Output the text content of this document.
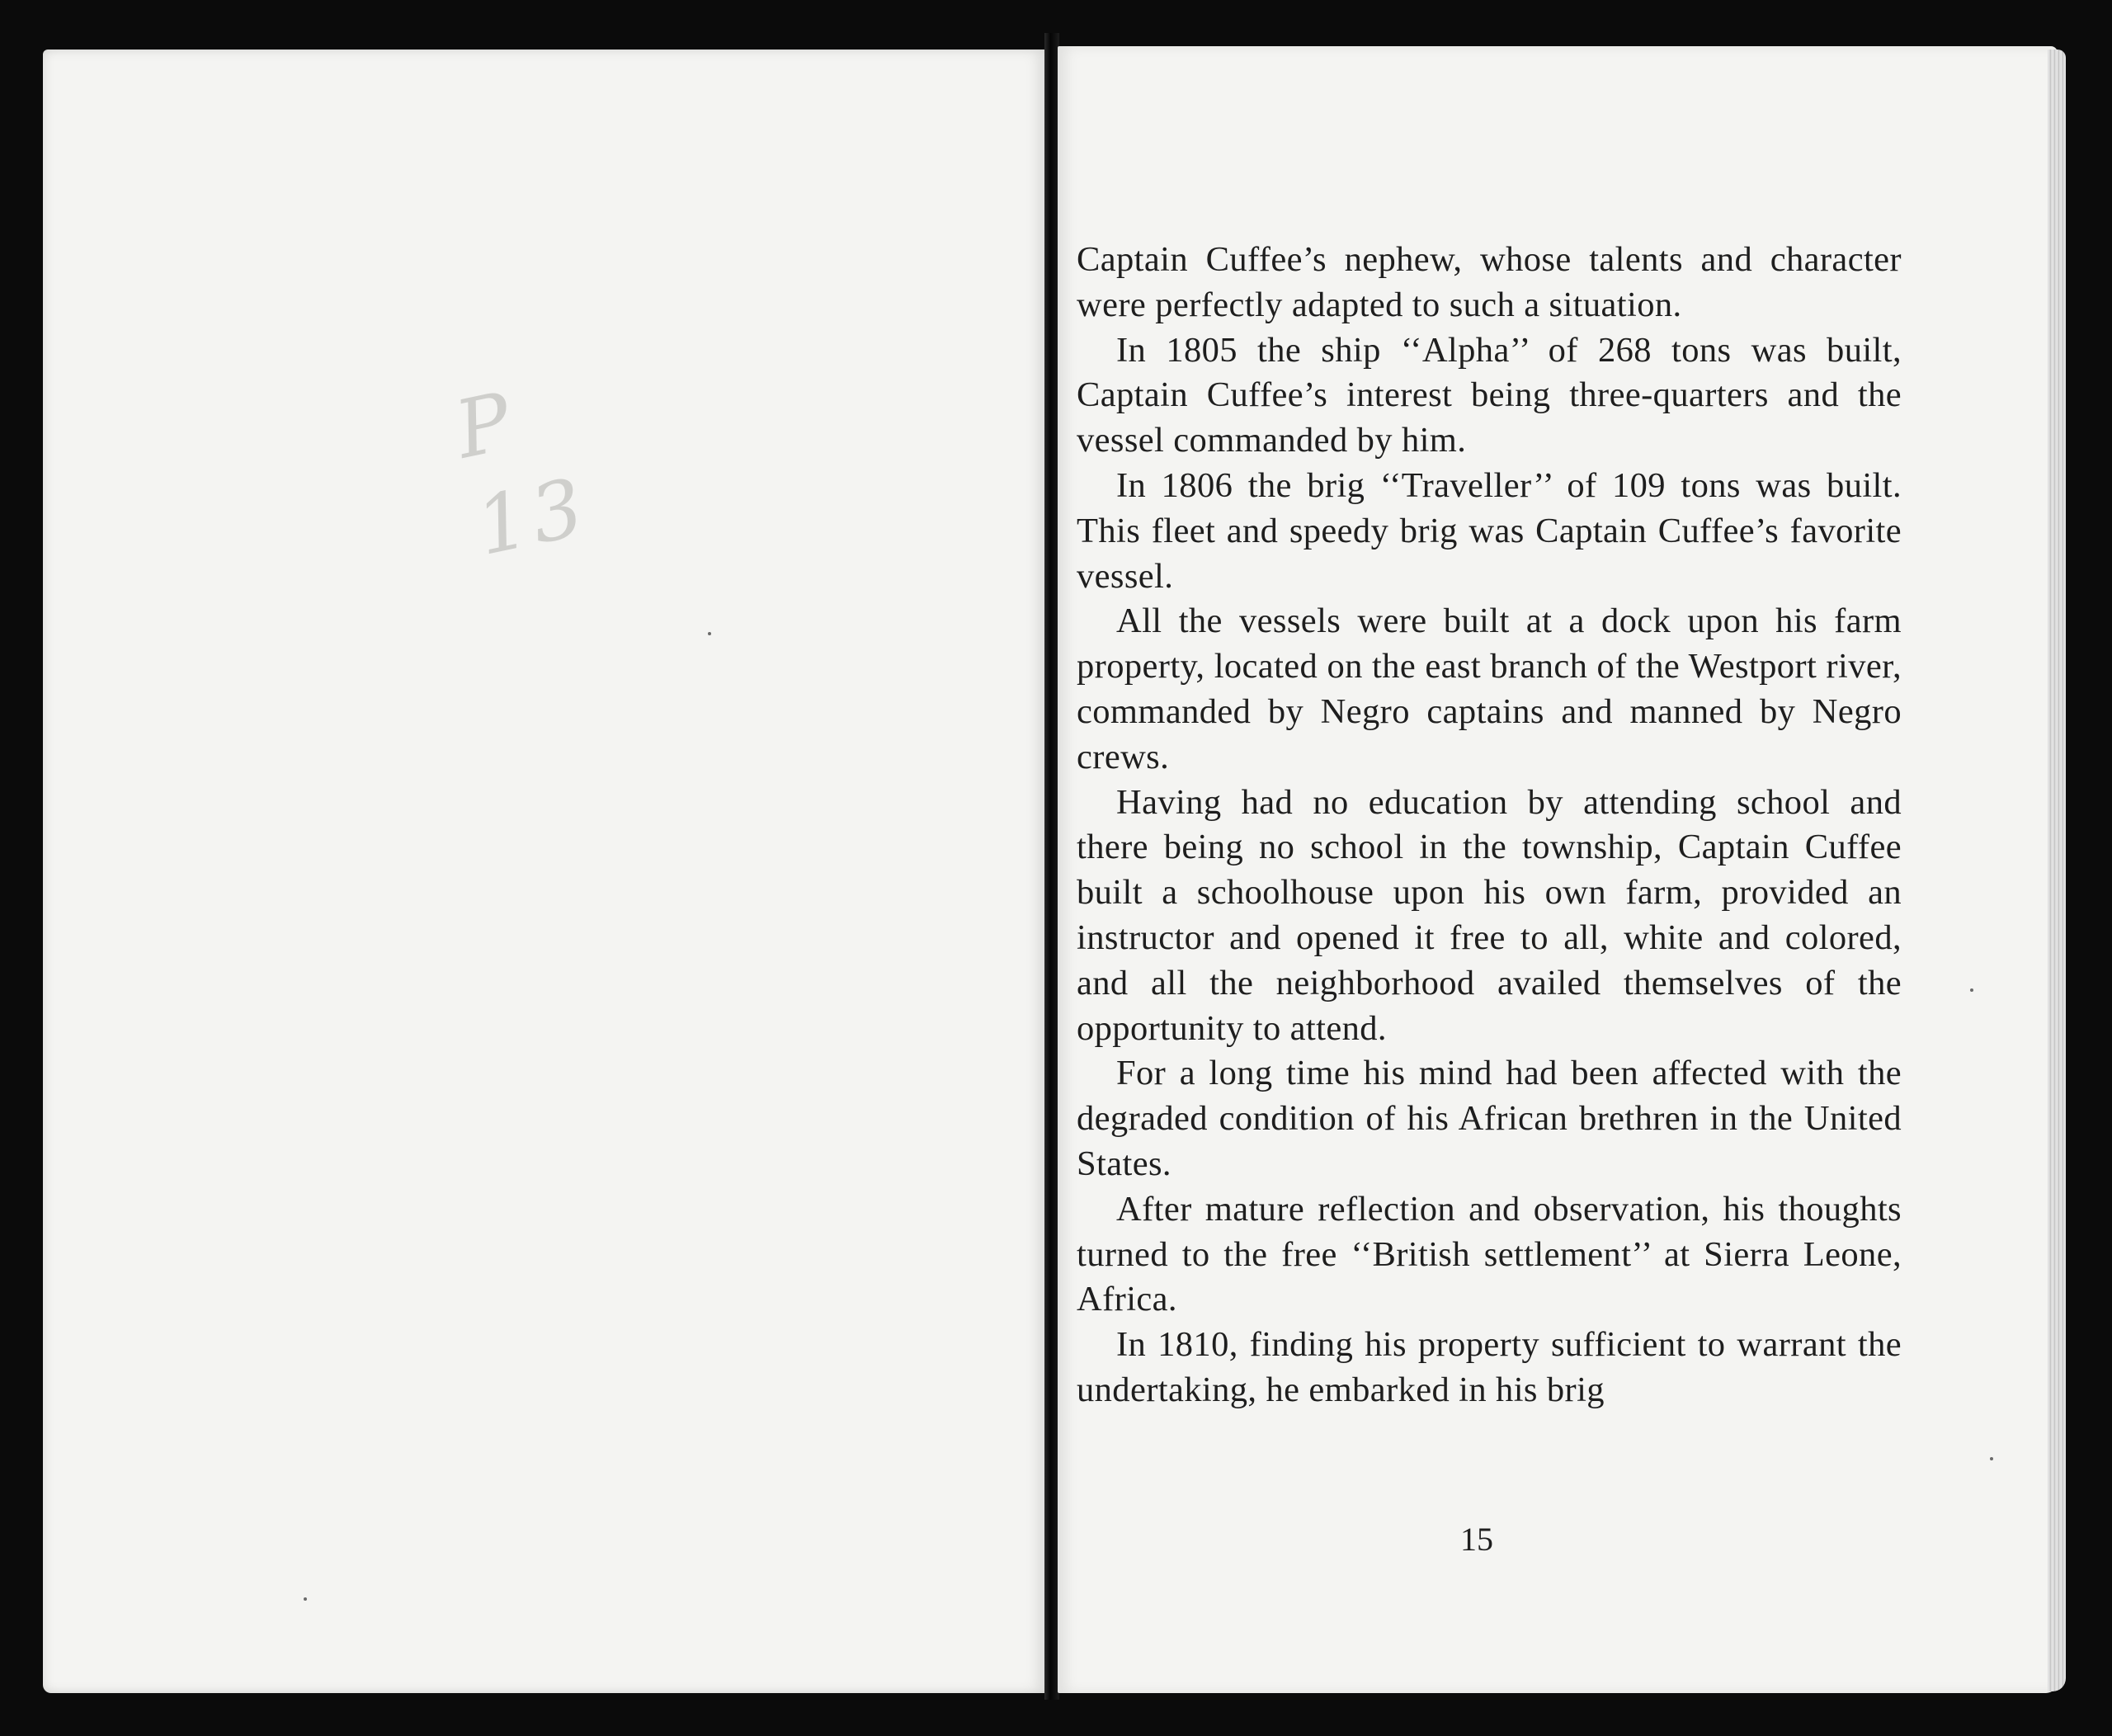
P 13

Captain Cuffee’s nephew, whose talents and character were perfectly adapted to such a situation.

In 1805 the ship ‘‘Alpha’’ of 268 tons was built, Captain Cuffee’s interest being three-quarters and the vessel commanded by him.

In 1806 the brig ‘‘Traveller’’ of 109 tons was built. This fleet and speedy brig was Captain Cuffee’s favorite vessel.

All the vessels were built at a dock upon his farm property, located on the east branch of the Westport river, commanded by Negro captains and manned by Negro crews.

Having had no education by attending school and there being no school in the township, Captain Cuffee built a schoolhouse upon his own farm, provided an instructor and opened it free to all, white and colored, and all the neighborhood availed themselves of the opportunity to attend.

For a long time his mind had been affected with the degraded condition of his African brethren in the United States.

After mature reflection and observation, his thoughts turned to the free ‘‘British settlement’’ at Sierra Leone, Africa.

In 1810, finding his property sufficient to warrant the undertaking, he embarked in his brig

15
